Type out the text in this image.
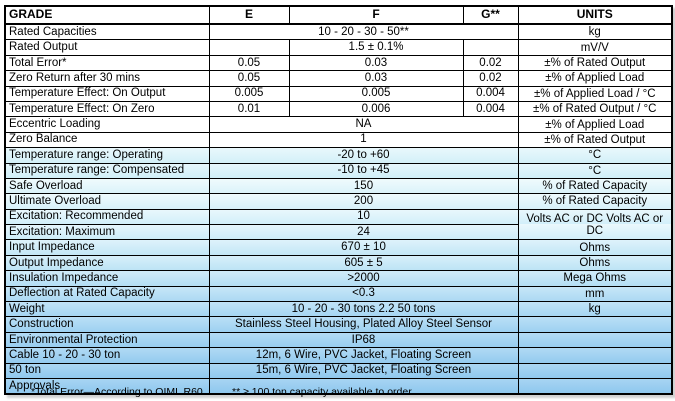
GRADE	E	F	G**	UNITS
Rated Capacities	10 - 20 - 30 - 50**			kg
Rated Output		1.5 ± 0.1%		mV/V
Total Error*	0.05	0.03	0.02	±% of Rated Output
Zero Return after 30 mins	0.05	0.03	0.02	±% of Applied Load
Temperature Effect: On Output	0.005	0.005	0.004	±% of Applied Load / °C
Temperature Effect: On Zero	0.01	0.006	0.004	±% of Rated Output / °C
Eccentric Loading	NA			±% of Applied Load
Zero Balance	1			±% of Rated Output
Temperature range: Operating	-20 to +60			°C
Temperature range: Compensated	-10 to +45			°C
Safe Overload	150			% of Rated Capacity
Ultimate Overload	200			% of Rated Capacity
Excitation: Recommended	10			Volts AC or DC Volts AC or DC
Excitation: Maximum	24			
Input Impedance	670 ± 10			Ohms
Output Impedance	605 ± 5			Ohms
Insulation Impedance	>2000			Mega Ohms
Deflection at Rated Capacity	<0.3			mm
Weight	10 - 20 - 30 tons 2.2 50 tons			kg
Construction	Stainless Steel Housing, Plated Alloy Steel Sensor			
Environmental Protection	IP68			
Cable 10 - 20 - 30 ton	12m, 6 Wire, PVC Jacket, Floating Screen			
50 ton	15m, 6 Wire, PVC Jacket, Floating Screen			
Approvals				
*Total Error—According to OIML R60	** ≥ 100 ton capacity available to order
